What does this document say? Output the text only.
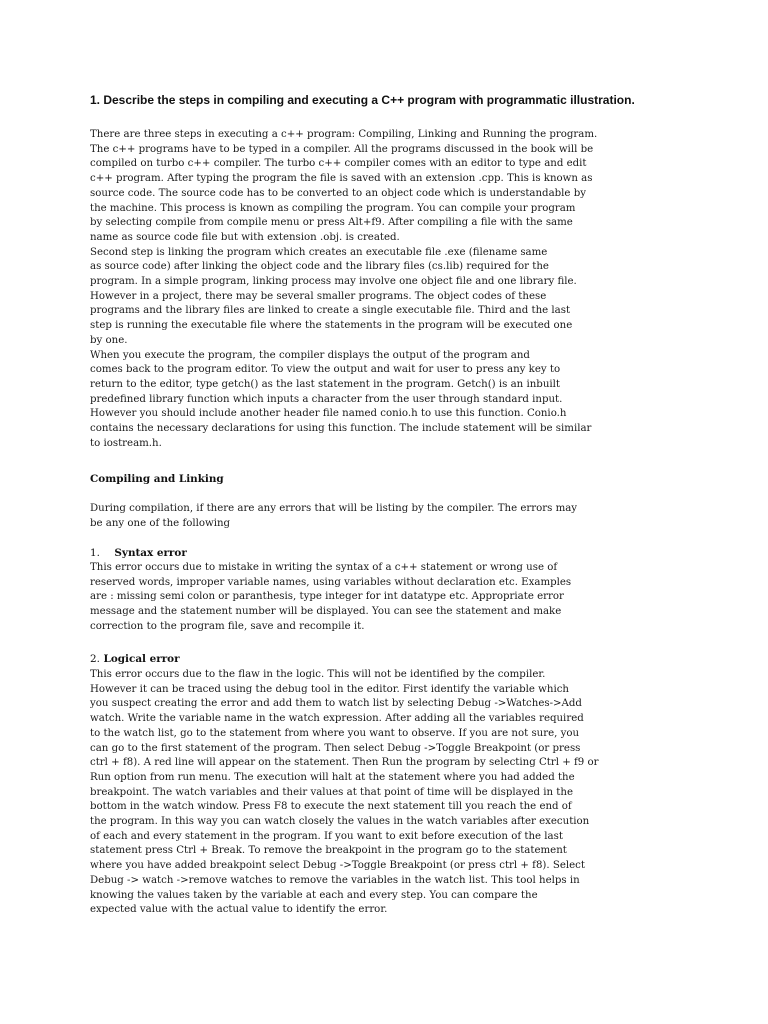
1. Describe the steps in compiling and executing a C++ program with programmatic illustration.
There are three steps in executing a c++ program: Compiling, Linking and Running the program.
The c++ programs have to be typed in a compiler. All the programs discussed in the book will be
compiled on turbo c++ compiler. The turbo c++ compiler comes with an editor to type and edit
c++ program. After typing the program the file is saved with an extension .cpp. This is known as
source code. The source code has to be converted to an object code which is understandable by
the machine. This process is known as compiling the program. You can compile your program
by selecting compile from compile menu or press Alt+f9. After compiling a file with the same
name as source code file but with extension .obj. is created.
Second step is linking the program which creates an executable file .exe (filename same
as source code) after linking the object code and the library files (cs.lib) required for the
program. In a simple program, linking process may involve one object file and one library file.
However in a project, there may be several smaller programs. The object codes of these
programs and the library files are linked to create a single executable file. Third and the last
step is running the executable file where the statements in the program will be executed one
by one.
When you execute the program, the compiler displays the output of the program and
comes back to the program editor. To view the output and wait for user to press any key to
return to the editor, type getch() as the last statement in the program. Getch() is an inbuilt
predefined library function which inputs a character from the user through standard input.
However you should include another header file named conio.h to use this function. Conio.h
contains the necessary declarations for using this function. The include statement will be similar
to iostream.h.
Compiling and Linking
During compilation, if there are any errors that will be listing by the compiler. The errors may
be any one of the following
1. Syntax error
This error occurs due to mistake in writing the syntax of a c++ statement or wrong use of
reserved words, improper variable names, using variables without declaration etc. Examples
are : missing semi colon or paranthesis, type integer for int datatype etc. Appropriate error
message and the statement number will be displayed. You can see the statement and make
correction to the program file, save and recompile it.
2. Logical error
This error occurs due to the flaw in the logic. This will not be identified by the compiler.
However it can be traced using the debug tool in the editor. First identify the variable which
you suspect creating the error and add them to watch list by selecting Debug ->Watches->Add
watch. Write the variable name in the watch expression. After adding all the variables required
to the watch list, go to the statement from where you want to observe. If you are not sure, you
can go to the first statement of the program. Then select Debug ->Toggle Breakpoint (or press
ctrl + f8). A red line will appear on the statement. Then Run the program by selecting Ctrl + f9 or
Run option from run menu. The execution will halt at the statement where you had added the
breakpoint. The watch variables and their values at that point of time will be displayed in the
bottom in the watch window. Press F8 to execute the next statement till you reach the end of
the program. In this way you can watch closely the values in the watch variables after execution
of each and every statement in the program. If you want to exit before execution of the last
statement press Ctrl + Break. To remove the breakpoint in the program go to the statement
where you have added breakpoint select Debug ->Toggle Breakpoint (or press ctrl + f8). Select
Debug -> watch ->remove watches to remove the variables in the watch list. This tool helps in
knowing the values taken by the variable at each and every step. You can compare the
expected value with the actual value to identify the error.
